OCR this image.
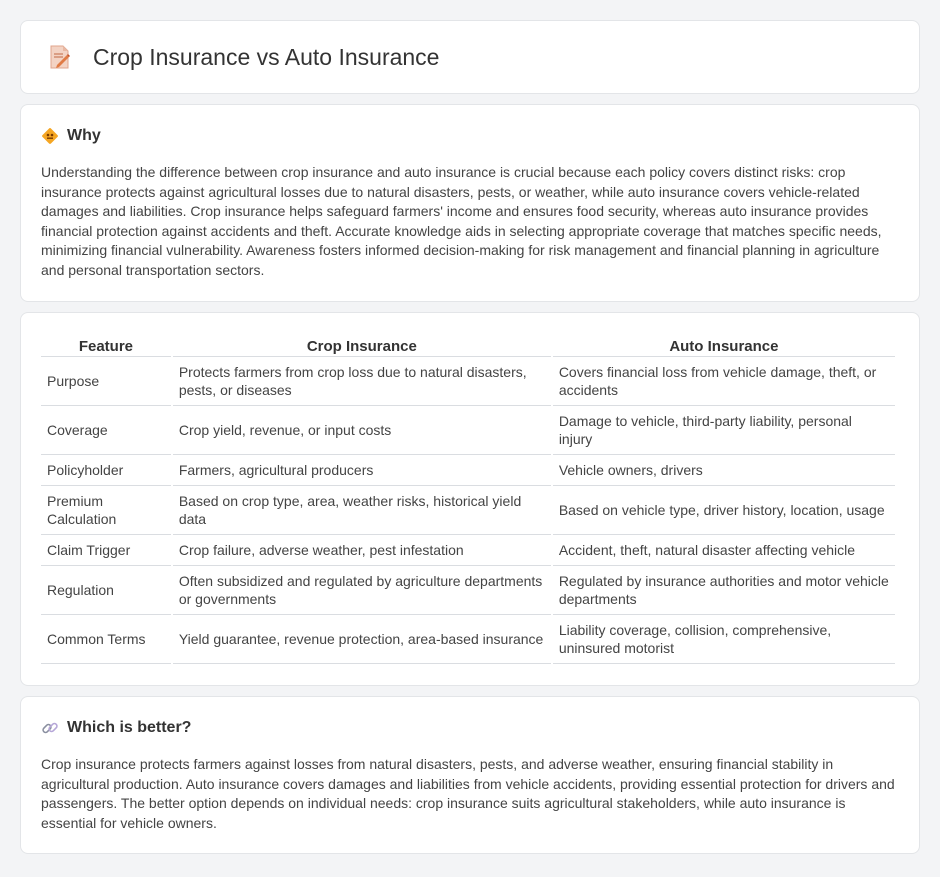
Crop Insurance vs Auto Insurance
Why

Understanding the difference between crop insurance and auto insurance is crucial because each policy covers distinct risks: crop insurance protects against agricultural losses due to natural disasters, pests, or weather, while auto insurance covers vehicle-related damages and liabilities. Crop insurance helps safeguard farmers' income and ensures food security, whereas auto insurance provides financial protection against accidents and theft. Accurate knowledge aids in selecting appropriate coverage that matches specific needs, minimizing financial vulnerability. Awareness fosters informed decision-making for risk management and financial planning in agriculture and personal transportation sectors.

Feature	Crop Insurance	Auto Insurance
Purpose	Protects farmers from crop loss due to natural disasters, pests, or diseases	Covers financial loss from vehicle damage, theft, or accidents
Coverage	Crop yield, revenue, or input costs	Damage to vehicle, third-party liability, personal injury
Policyholder	Farmers, agricultural producers	Vehicle owners, drivers
Premium Calculation	Based on crop type, area, weather risks, historical yield data	Based on vehicle type, driver history, location, usage
Claim Trigger	Crop failure, adverse weather, pest infestation	Accident, theft, natural disaster affecting vehicle
Regulation	Often subsidized and regulated by agriculture departments or governments	Regulated by insurance authorities and motor vehicle departments
Common Terms	Yield guarantee, revenue protection, area-based insurance	Liability coverage, collision, comprehensive, uninsured motorist
Which is better?

Crop insurance protects farmers against losses from natural disasters, pests, and adverse weather, ensuring financial stability in agricultural production. Auto insurance covers damages and liabilities from vehicle accidents, providing essential protection for drivers and passengers. The better option depends on individual needs: crop insurance suits agricultural stakeholders, while auto insurance is essential for vehicle owners.
